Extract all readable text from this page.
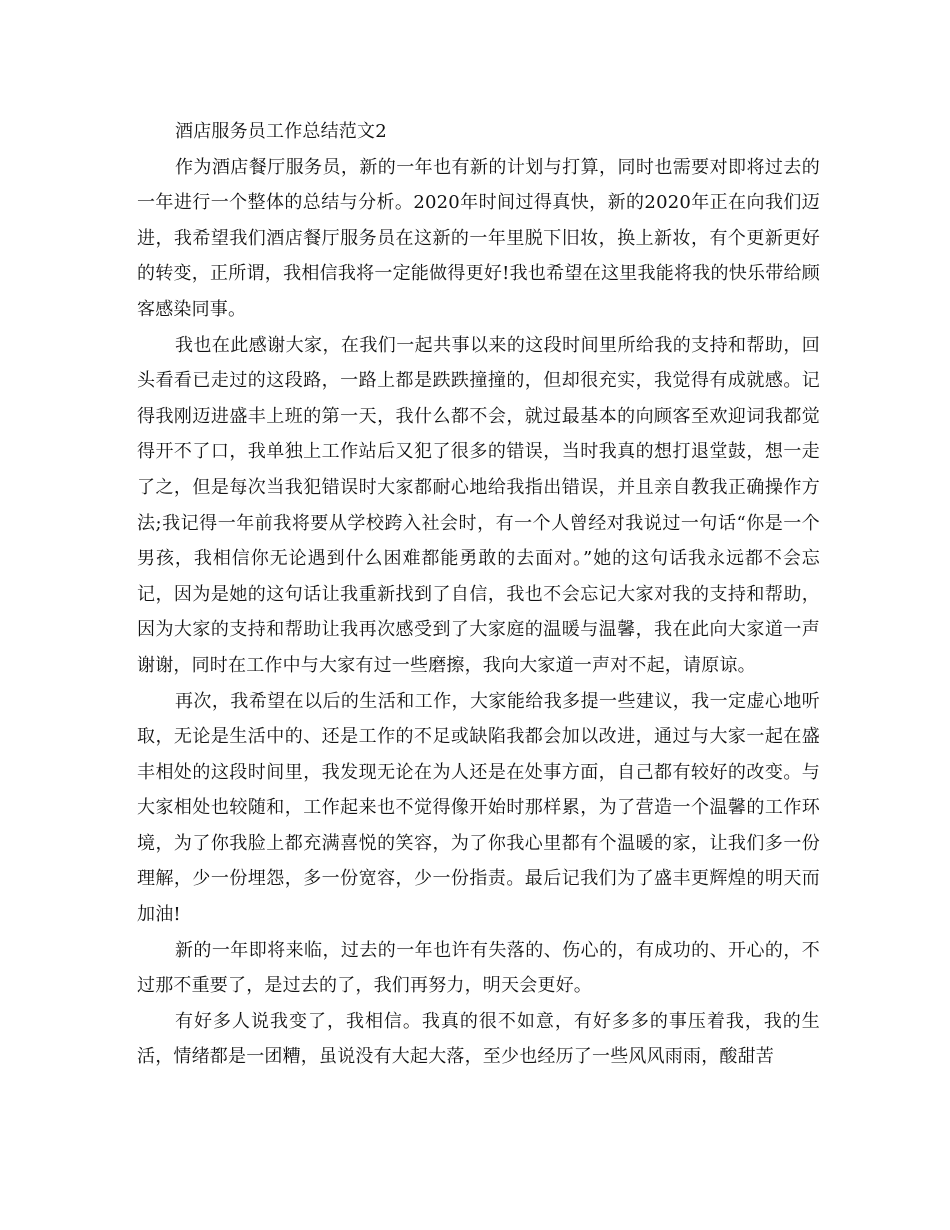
酒店服务员工作总结范文2

作为酒店餐厅服务员，新的一年也有新的计划与打算，同时也需要对即将过去的一年进行一个整体的总结与分析。2020年时间过得真快，新的2020年正在向我们迈进，我希望我们酒店餐厅服务员在这新的一年里脱下旧妆，换上新妆，有个更新更好的转变，正所谓，我相信我将一定能做得更好!我也希望在这里我能将我的快乐带给顾客感染同事。

我也在此感谢大家，在我们一起共事以来的这段时间里所给我的支持和帮助，回头看看已走过的这段路，一路上都是跌跌撞撞的，但却很充实，我觉得有成就感。记得我刚迈进盛丰上班的第一天，我什么都不会，就过最基本的向顾客至欢迎词我都觉得开不了口，我单独上工作站后又犯了很多的错误，当时我真的想打退堂鼓，想一走了之，但是每次当我犯错误时大家都耐心地给我指出错误，并且亲自教我正确操作方法;我记得一年前我将要从学校跨入社会时，有一个人曾经对我说过一句话“你是一个男孩，我相信你无论遇到什么困难都能勇敢的去面对。”她的这句话我永远都不会忘记，因为是她的这句话让我重新找到了自信，我也不会忘记大家对我的支持和帮助，因为大家的支持和帮助让我再次感受到了大家庭的温暖与温馨，我在此向大家道一声谢谢，同时在工作中与大家有过一些磨擦，我向大家道一声对不起，请原谅。

再次，我希望在以后的生活和工作，大家能给我多提一些建议，我一定虚心地听取，无论是生活中的、还是工作的不足或缺陷我都会加以改进，通过与大家一起在盛丰相处的这段时间里，我发现无论在为人还是在处事方面，自己都有较好的改变。与大家相处也较随和，工作起来也不觉得像开始时那样累，为了营造一个温馨的工作环境，为了你我脸上都充满喜悦的笑容，为了你我心里都有个温暖的家，让我们多一份理解，少一份埋怨，多一份宽容，少一份指责。最后记我们为了盛丰更辉煌的明天而加油!

新的一年即将来临，过去的一年也许有失落的、伤心的，有成功的、开心的，不过那不重要了，是过去的了，我们再努力，明天会更好。

有好多人说我变了，我相信。我真的很不如意，有好多多的事压着我，我的生活，情绪都是一团糟，虽说没有大起大落，至少也经历了一些风风雨雨，酸甜苦
